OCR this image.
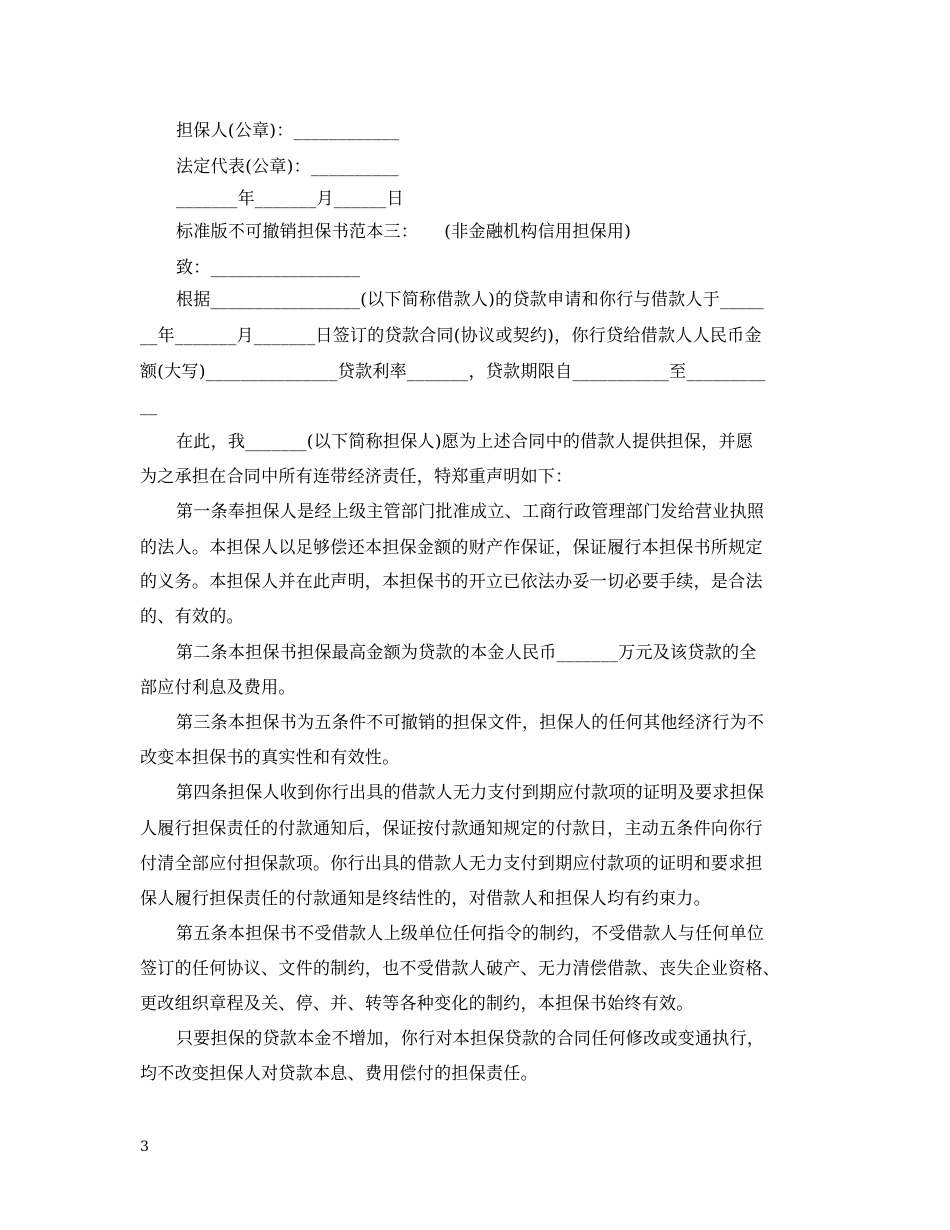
担保人(公章)：____________
法定代表(公章)：__________
_______年_______月______日
标准版不可撤销担保书范本三：　　(非金融机构信用担保用)
致：_________________
根据_________________(以下简称借款人)的贷款申请和你行与借款人于_____
__年_______月_______日签订的贷款合同(协议或契约)，你行贷给借款人人民币金
额(大写)_______________贷款利率_______，贷款期限自___________至_________
__
在此，我_______(以下简称担保人)愿为上述合同中的借款人提供担保，并愿
为之承担在合同中所有连带经济责任，特郑重声明如下：
第一条奉担保人是经上级主管部门批准成立、工商行政管理部门发给营业执照
的法人。本担保人以足够偿还本担保金额的财产作保证，保证履行本担保书所规定
的义务。本担保人并在此声明，本担保书的开立已依法办妥一切必要手续，是合法
的、有效的。
第二条本担保书担保最高金额为贷款的本金人民币_______万元及该贷款的全
部应付利息及费用。
第三条本担保书为五条件不可撤销的担保文件，担保人的任何其他经济行为不
改变本担保书的真实性和有效性。
第四条担保人收到你行出具的借款人无力支付到期应付款项的证明及要求担保
人履行担保责任的付款通知后，保证按付款通知规定的付款日，主动五条件向你行
付清全部应付担保款项。你行出具的借款人无力支付到期应付款项的证明和要求担
保人履行担保责任的付款通知是终结性的，对借款人和担保人均有约束力。
第五条本担保书不受借款人上级单位任何指令的制约，不受借款人与任何单位
签订的任何协议、文件的制约，也不受借款人破产、无力清偿借款、丧失企业资格、
更改组织章程及关、停、并、转等各种变化的制约，本担保书始终有效。
只要担保的贷款本金不增加，你行对本担保贷款的合同任何修改或变通执行，
均不改变担保人对贷款本息、费用偿付的担保责任。
3
